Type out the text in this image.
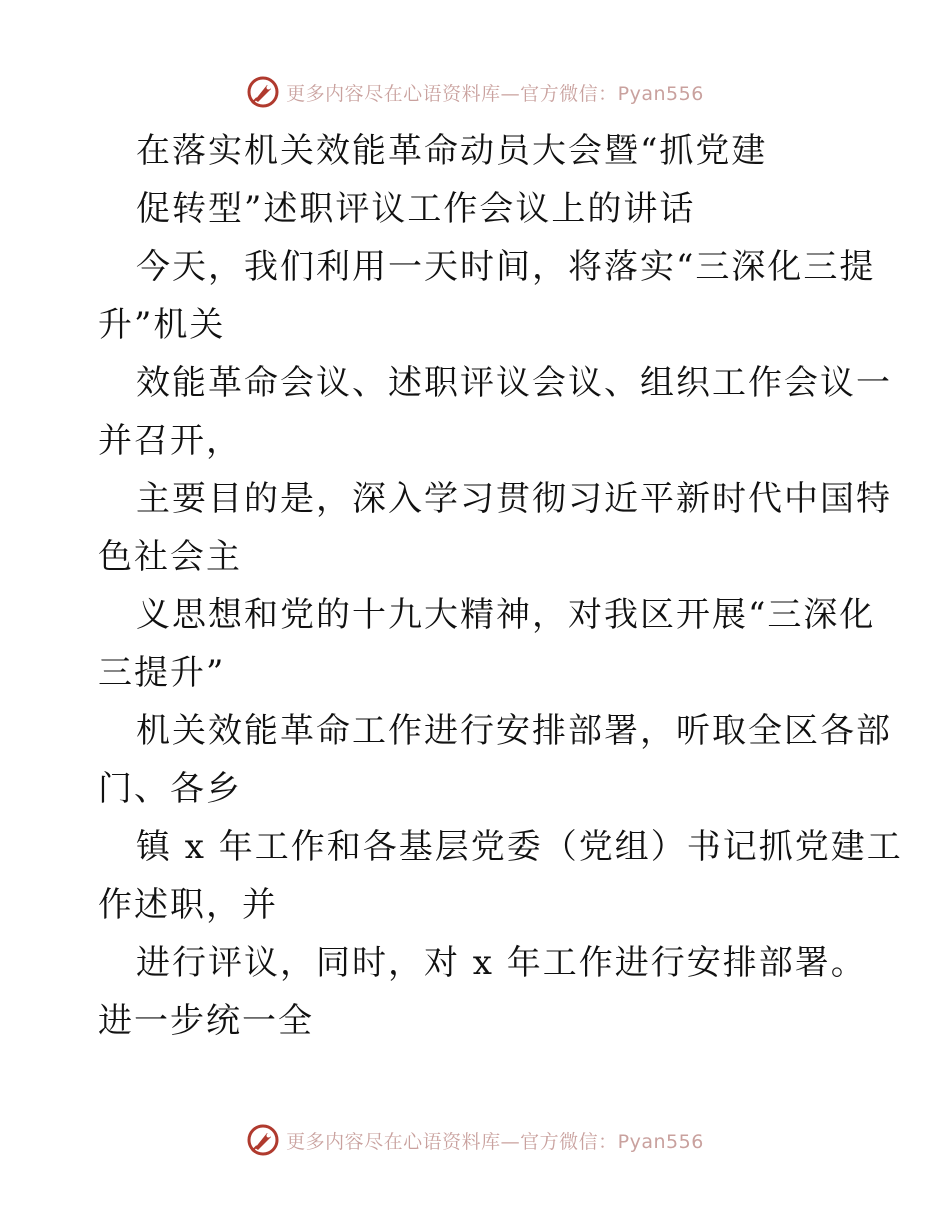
更多内容尽在心语资料库—官方微信：Pyan556
在落实机关效能革命动员大会暨“抓党建
促转型”述职评议工作会议上的讲话
今天，我们利用一天时间，将落实“三深化三提
升”机关
效能革命会议、述职评议会议、组织工作会议一
并召开，
主要目的是，深入学习贯彻习近平新时代中国特
色社会主
义思想和党的十九大精神，对我区开展“三深化
三提升”
机关效能革命工作进行安排部署，听取全区各部
门、各乡
镇 x 年工作和各基层党委（党组）书记抓党建工
作述职，并
进行评议，同时，对 x 年工作进行安排部署。
进一步统一全
更多内容尽在心语资料库—官方微信：Pyan556
